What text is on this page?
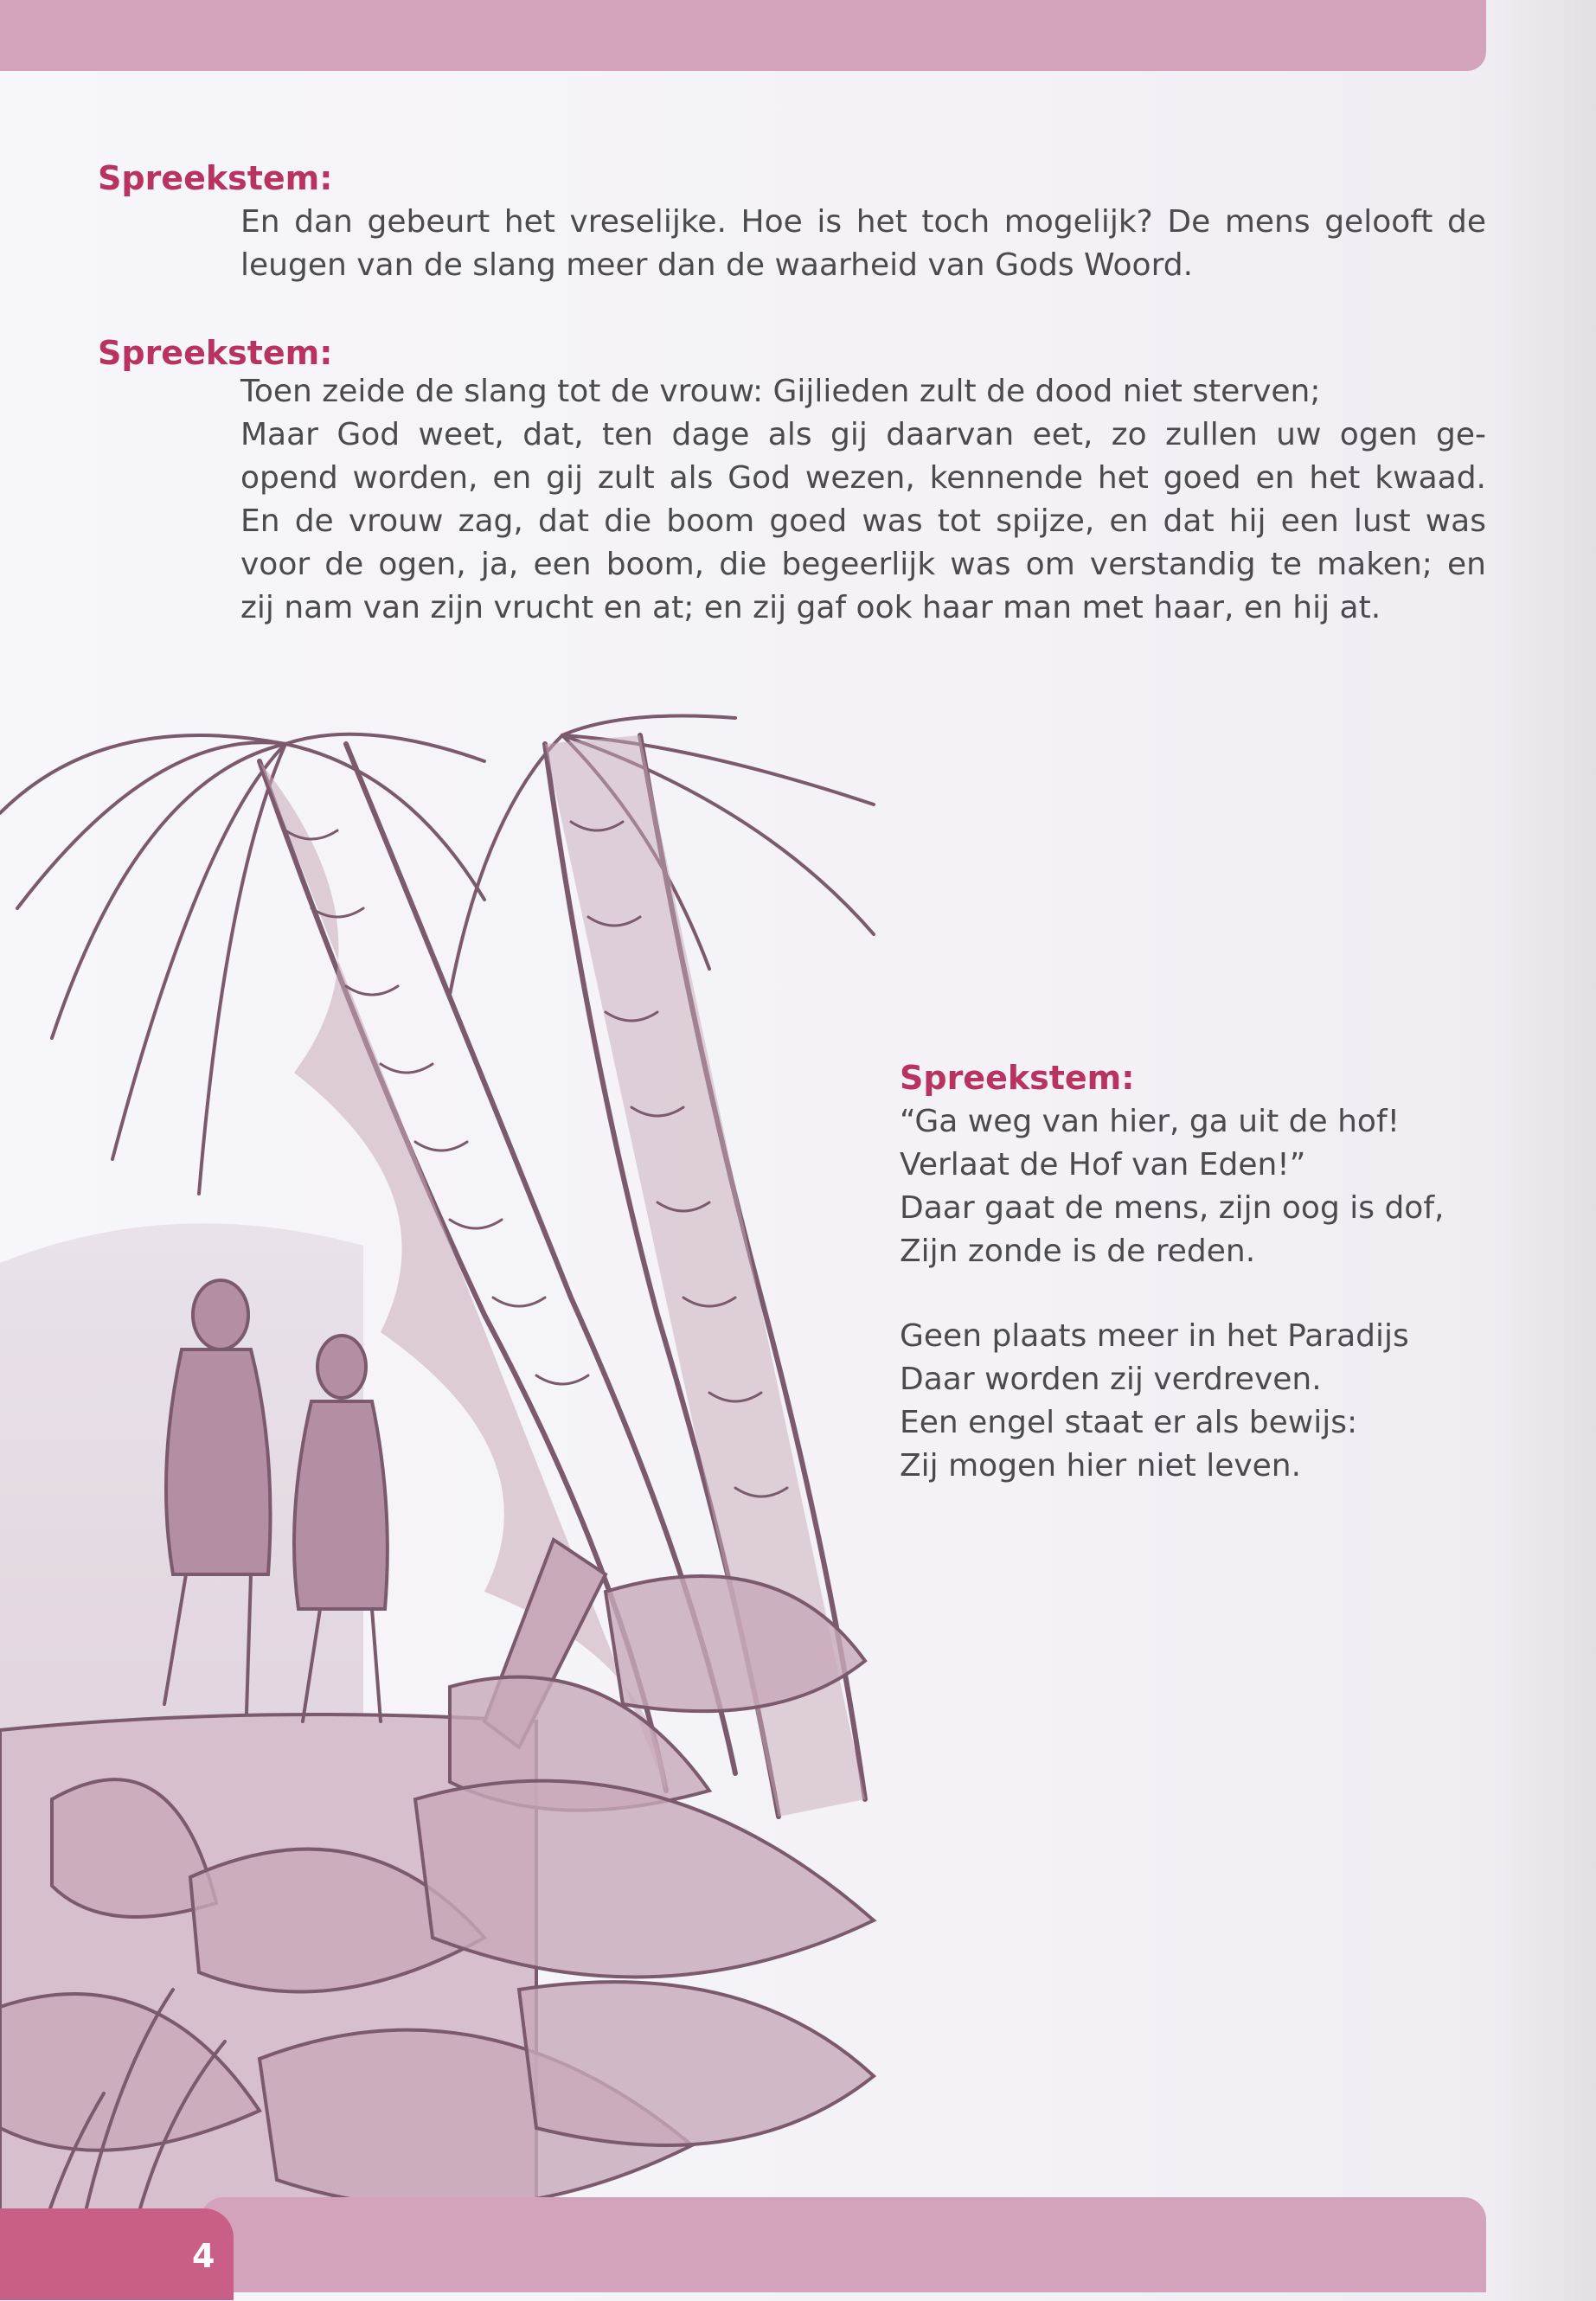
Spreekstem:
En dan gebeurt het vreselijke. Hoe is het toch mogelijk? De mens gelooft de
leugen van de slang meer dan de waarheid van Gods Woord.
Spreekstem:
Toen zeide de slang tot de vrouw: Gijlieden zult de dood niet sterven;
Maar God weet, dat, ten dage als gij daarvan eet, zo zullen uw ogen ge-
opend worden, en gij zult als God wezen, kennende het goed en het kwaad.
En de vrouw zag, dat die boom goed was tot spijze, en dat hij een lust was
voor de ogen, ja, een boom, die begeerlijk was om verstandig te maken; en
zij nam van zijn vrucht en at; en zij gaf ook haar man met haar, en hij at.
Spreekstem:
“Ga weg van hier, ga uit de hof!
Verlaat de Hof van Eden!”
Daar gaat de mens, zijn oog is dof,
Zijn zonde is de reden.
Geen plaats meer in het Paradijs
Daar worden zij verdreven.
Een engel staat er als bewijs:
Zij mogen hier niet leven.
4
